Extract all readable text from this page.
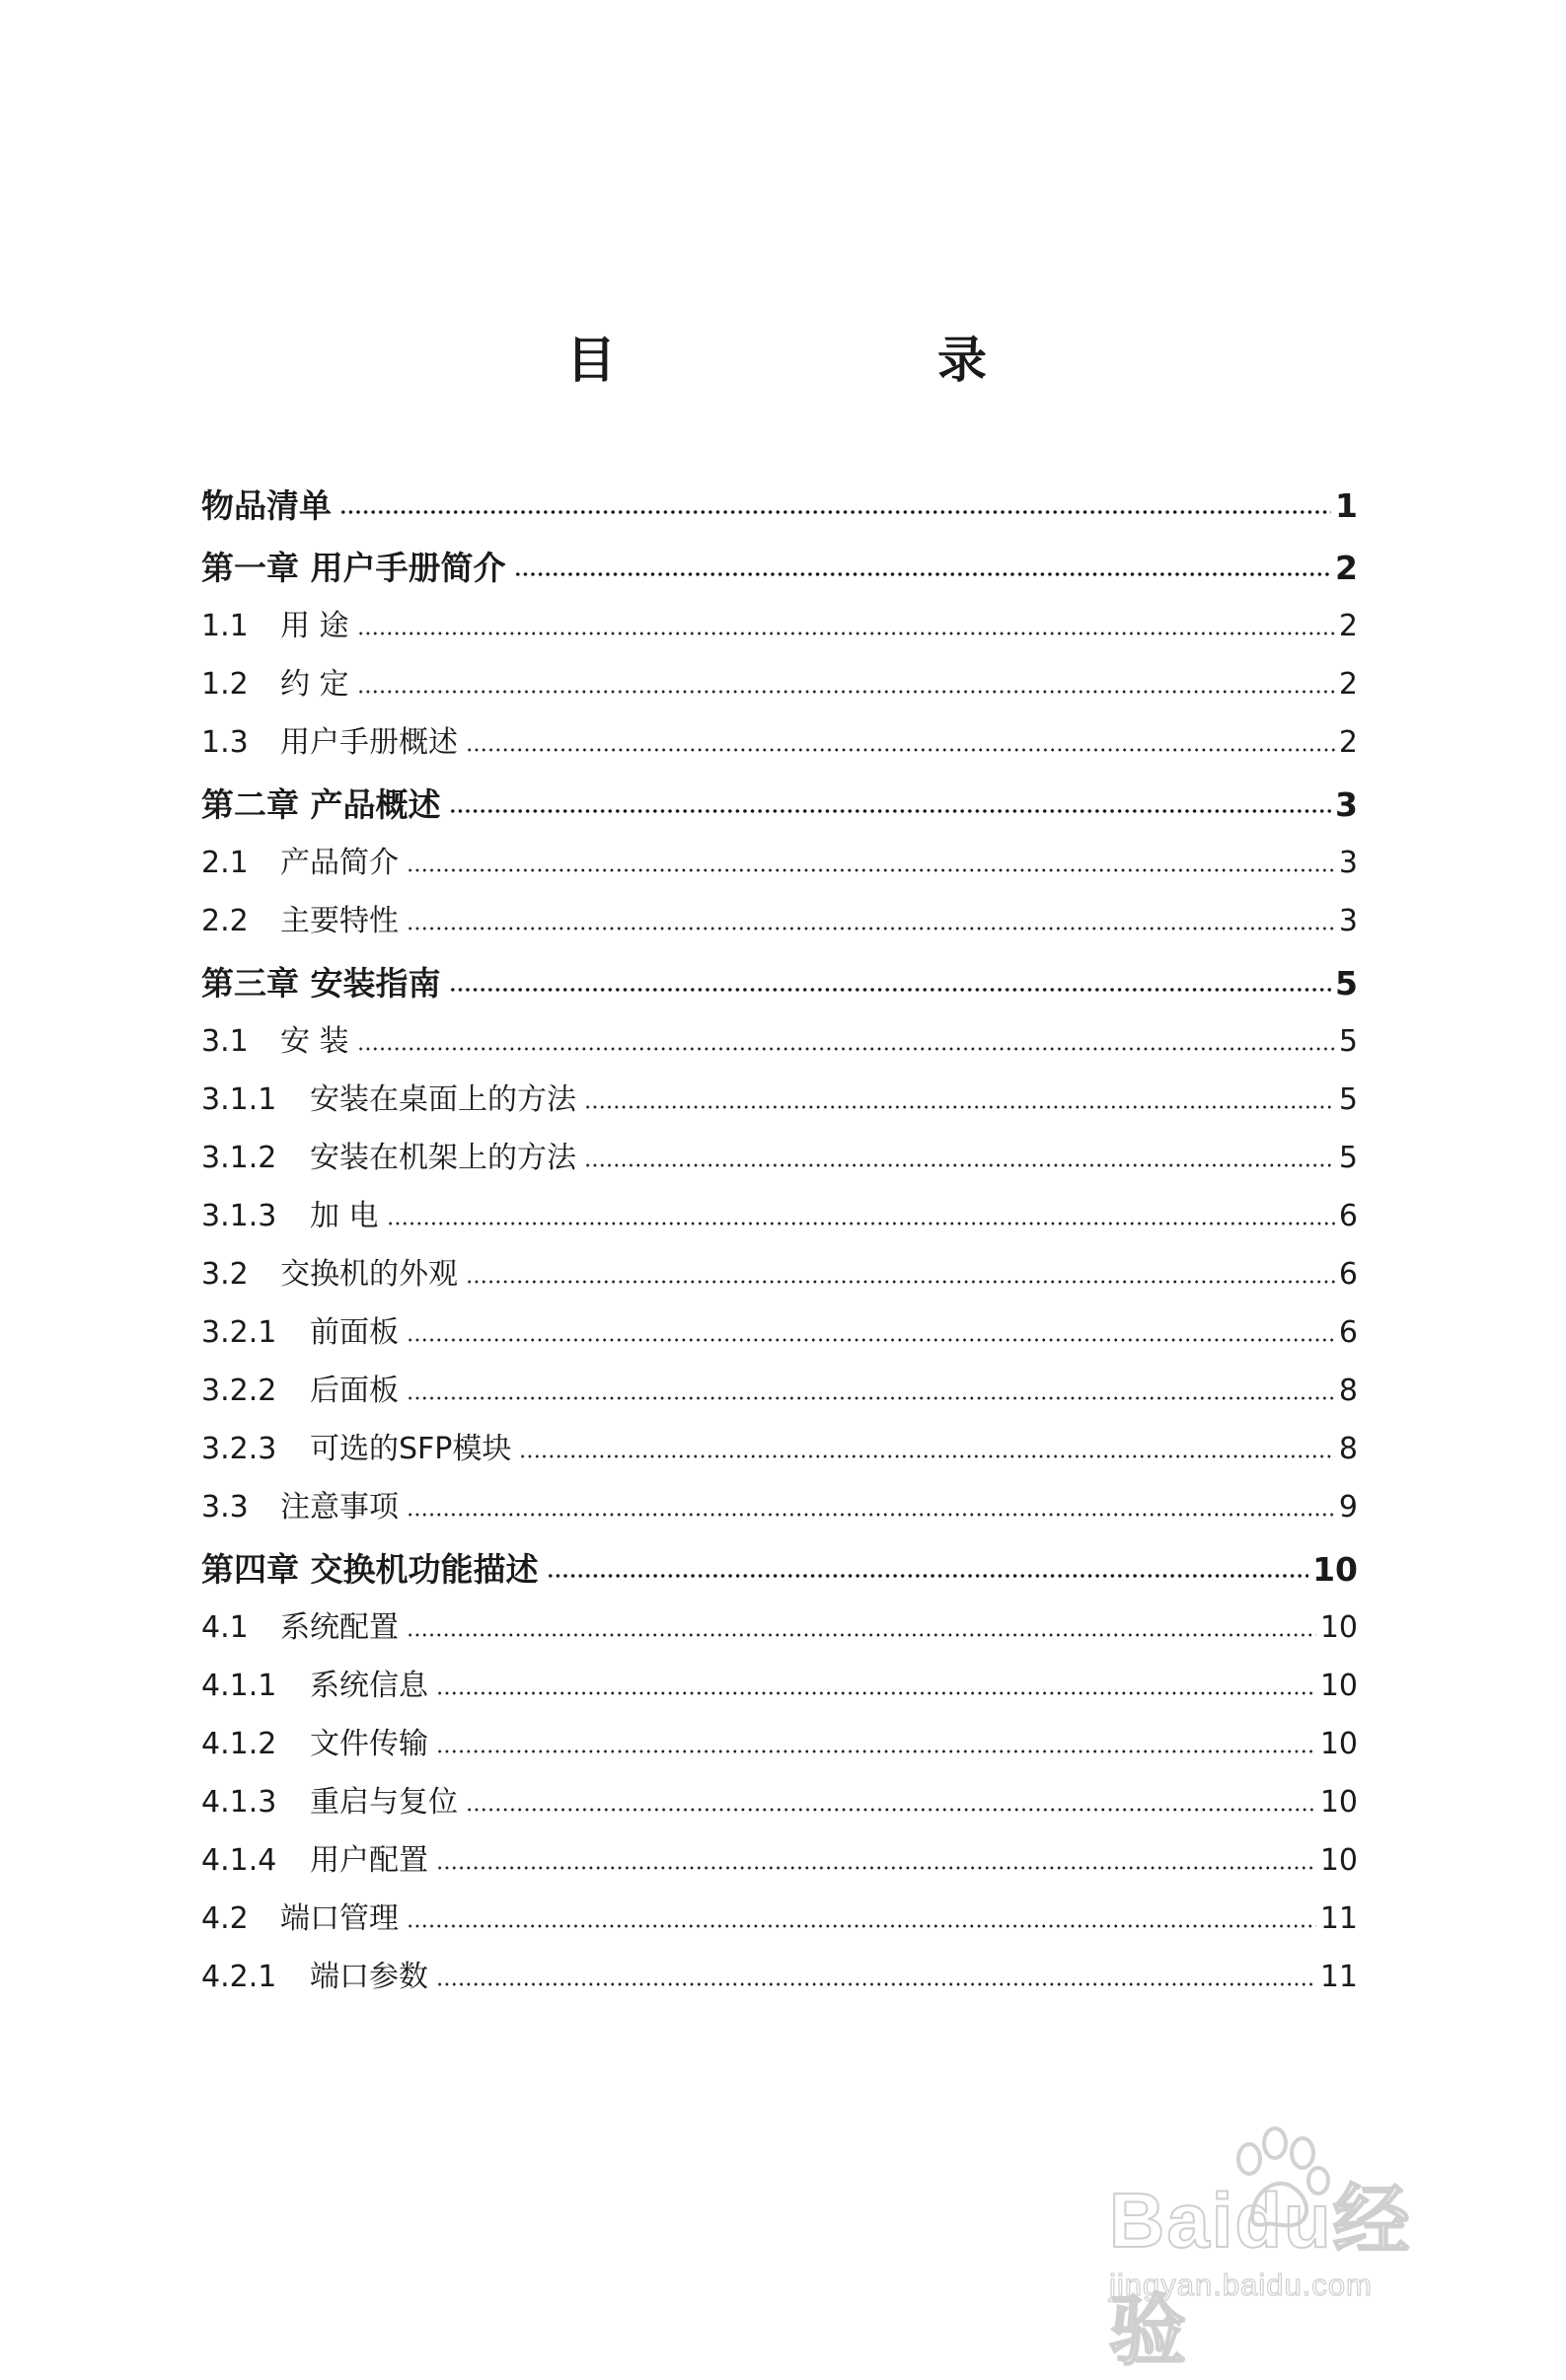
目	录
物品清单	1
第一章 用户手册简介	2
1.1	用 途	2
1.2	约 定	2
1.3	用户手册概述	2
第二章 产品概述	3
2.1	产品简介	3
2.2	主要特性	3
第三章 安装指南	5
3.1	安 装	5
3.1.1	安装在桌面上的方法	5
3.1.2	安装在机架上的方法	5
3.1.3	加 电	6
3.2	交换机的外观	6
3.2.1	前面板	6
3.2.2	后面板	8
3.2.3	可选的SFP模块	8
3.3	注意事项	9
第四章 交换机功能描述	10
4.1	系统配置	10
4.1.1	系统信息	10
4.1.2	文件传输	10
4.1.3	重启与复位	10
4.1.4	用户配置	10
4.2	端口管理	11
4.2.1	端口参数	11
Baidu经验
jingyan.baidu.com
